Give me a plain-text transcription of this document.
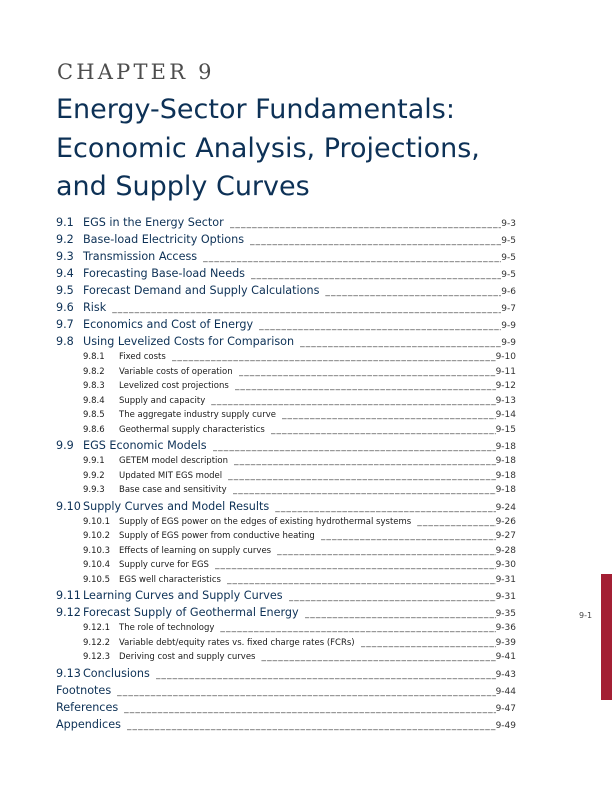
CHAPTER 9
Energy-Sector Fundamentals:
Economic Analysis, Projections,
and Supply Curves
9.1 EGS in the Energy Sector _____	9-3
9.2 Base-load Electricity Options _____	9-5
9.3 Transmission Access _____	9-5
9.4 Forecasting Base-load Needs _____	9-5
9.5 Forecast Demand and Supply Calculations _____	9-6
9.6 Risk _____	9-7
9.7 Economics and Cost of Energy _____	9-9
9.8 Using Levelized Costs for Comparison _____	9-9
9.8.1	Fixed costs _____	9-10
9.8.2	Variable costs of operation _____	9-11
9.8.3	Levelized cost projections _____	9-12
9.8.4	Supply and capacity _____	9-13
9.8.5	The aggregate industry supply curve _____	9-14
9.8.6	Geothermal supply characteristics _____	9-15
9.9 EGS Economic Models _____	9-18
9.9.1	GETEM model description _____	9-18
9.9.2	Updated MIT EGS model _____	9-18
9.9.3	Base case and sensitivity _____	9-18
9.10 Supply Curves and Model Results _____	9-24
9.10.1	Supply of EGS power on the edges of existing hydrothermal systems _____	9-26
9.10.2	Supply of EGS power from conductive heating _____	9-27
9.10.3	Effects of learning on supply curves _____	9-28
9.10.4	Supply curve for EGS _____	9-30
9.10.5	EGS well characteristics _____	9-31
9.11 Learning Curves and Supply Curves _____	9-31
9.12 Forecast Supply of Geothermal Energy _____	9-35
9.12.1	The role of technology _____	9-36
9.12.2	Variable debt/equity rates vs. fixed charge rates (FCRs) _____	9-39
9.12.3	Deriving cost and supply curves _____	9-41
9.13 Conclusions _____	9-43
Footnotes _____	9-44
References _____	9-47
Appendices _____	9-49
9-1
